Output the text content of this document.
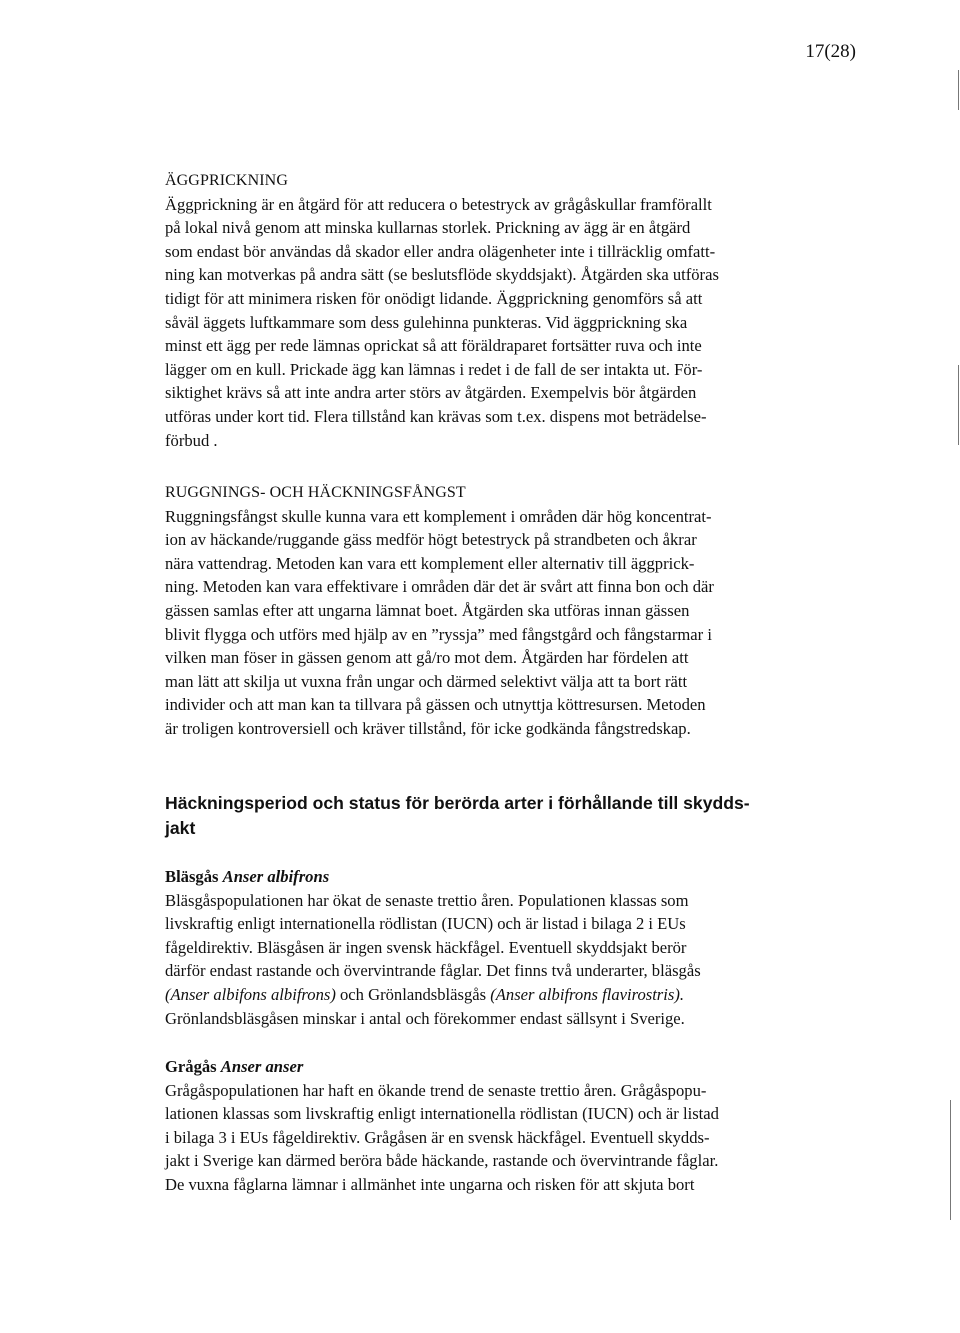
17(28)
ÄGGPRICKNING
Äggprickning är en åtgärd för att reducera o betestryck av grågåskullar framförallt
på lokal nivå genom att minska kullarnas storlek. Prickning av ägg är en åtgärd
som endast bör användas då skador eller andra olägenheter inte i tillräcklig omfatt-
ning kan motverkas på andra sätt (se beslutsflöde skyddsjakt). Åtgärden ska utföras
tidigt för att minimera risken för onödigt lidande. Äggprickning genomförs så att
såväl äggets luftkammare som dess gulehinna punkteras. Vid äggprickning ska
minst ett ägg per rede lämnas oprickat så att föräldraparet fortsätter ruva och inte
lägger om en kull. Prickade ägg kan lämnas i redet i de fall de ser intakta ut. För-
siktighet krävs så att inte andra arter störs av åtgärden. Exempelvis bör åtgärden
utföras under kort tid. Flera tillstånd kan krävas som t.ex. dispens mot beträdelse-
förbud .
RUGGNINGS- OCH HÄCKNINGSFÅNGST
Ruggningsfångst skulle kunna vara ett komplement i områden där hög koncentrat-
ion av häckande/ruggande gäss medför högt betestryck på strandbeten och åkrar
nära vattendrag. Metoden kan vara ett komplement eller alternativ till äggprick-
ning. Metoden kan vara effektivare i områden där det är svårt att finna bon och där
gässen samlas efter att ungarna lämnat boet. Åtgärden ska utföras innan gässen
blivit flygga och utförs med hjälp av en ”ryssja” med fångstgård och fångstarmar i
vilken man föser in gässen genom att gå/ro mot dem. Åtgärden har fördelen att
man lätt att skilja ut vuxna från ungar och därmed selektivt välja att ta bort rätt
individer och att man kan ta tillvara på gässen och utnyttja köttresursen. Metoden
är troligen kontroversiell och kräver tillstånd, för icke godkända fångstredskap.
Häckningsperiod och status för berörda arter i förhållande till skydds-
jakt
Bläsgås Anser albifrons
Bläsgåspopulationen har ökat de senaste trettio åren. Populationen klassas som
livskraftig enligt internationella rödlistan (IUCN) och är listad i bilaga 2 i EUs
fågeldirektiv. Bläsgåsen är ingen svensk häckfågel. Eventuell skyddsjakt berör
därför endast rastande och övervintrande fåglar. Det finns två underarter, bläsgås
(Anser albifons albifrons) och Grönlandsbläsgås (Anser albifrons flavirostris).
Grönlandsbläsgåsen minskar i antal och förekommer endast sällsynt i Sverige.
Grågås Anser anser
Grågåspopulationen har haft en ökande trend de senaste trettio åren. Grågåspopu-
lationen klassas som livskraftig enligt internationella rödlistan (IUCN) och är listad
i bilaga 3 i EUs fågeldirektiv. Grågåsen är en svensk häckfågel. Eventuell skydds-
jakt i Sverige kan därmed beröra både häckande, rastande och övervintrande fåglar.
De vuxna fåglarna lämnar i allmänhet inte ungarna och risken för att skjuta bort
